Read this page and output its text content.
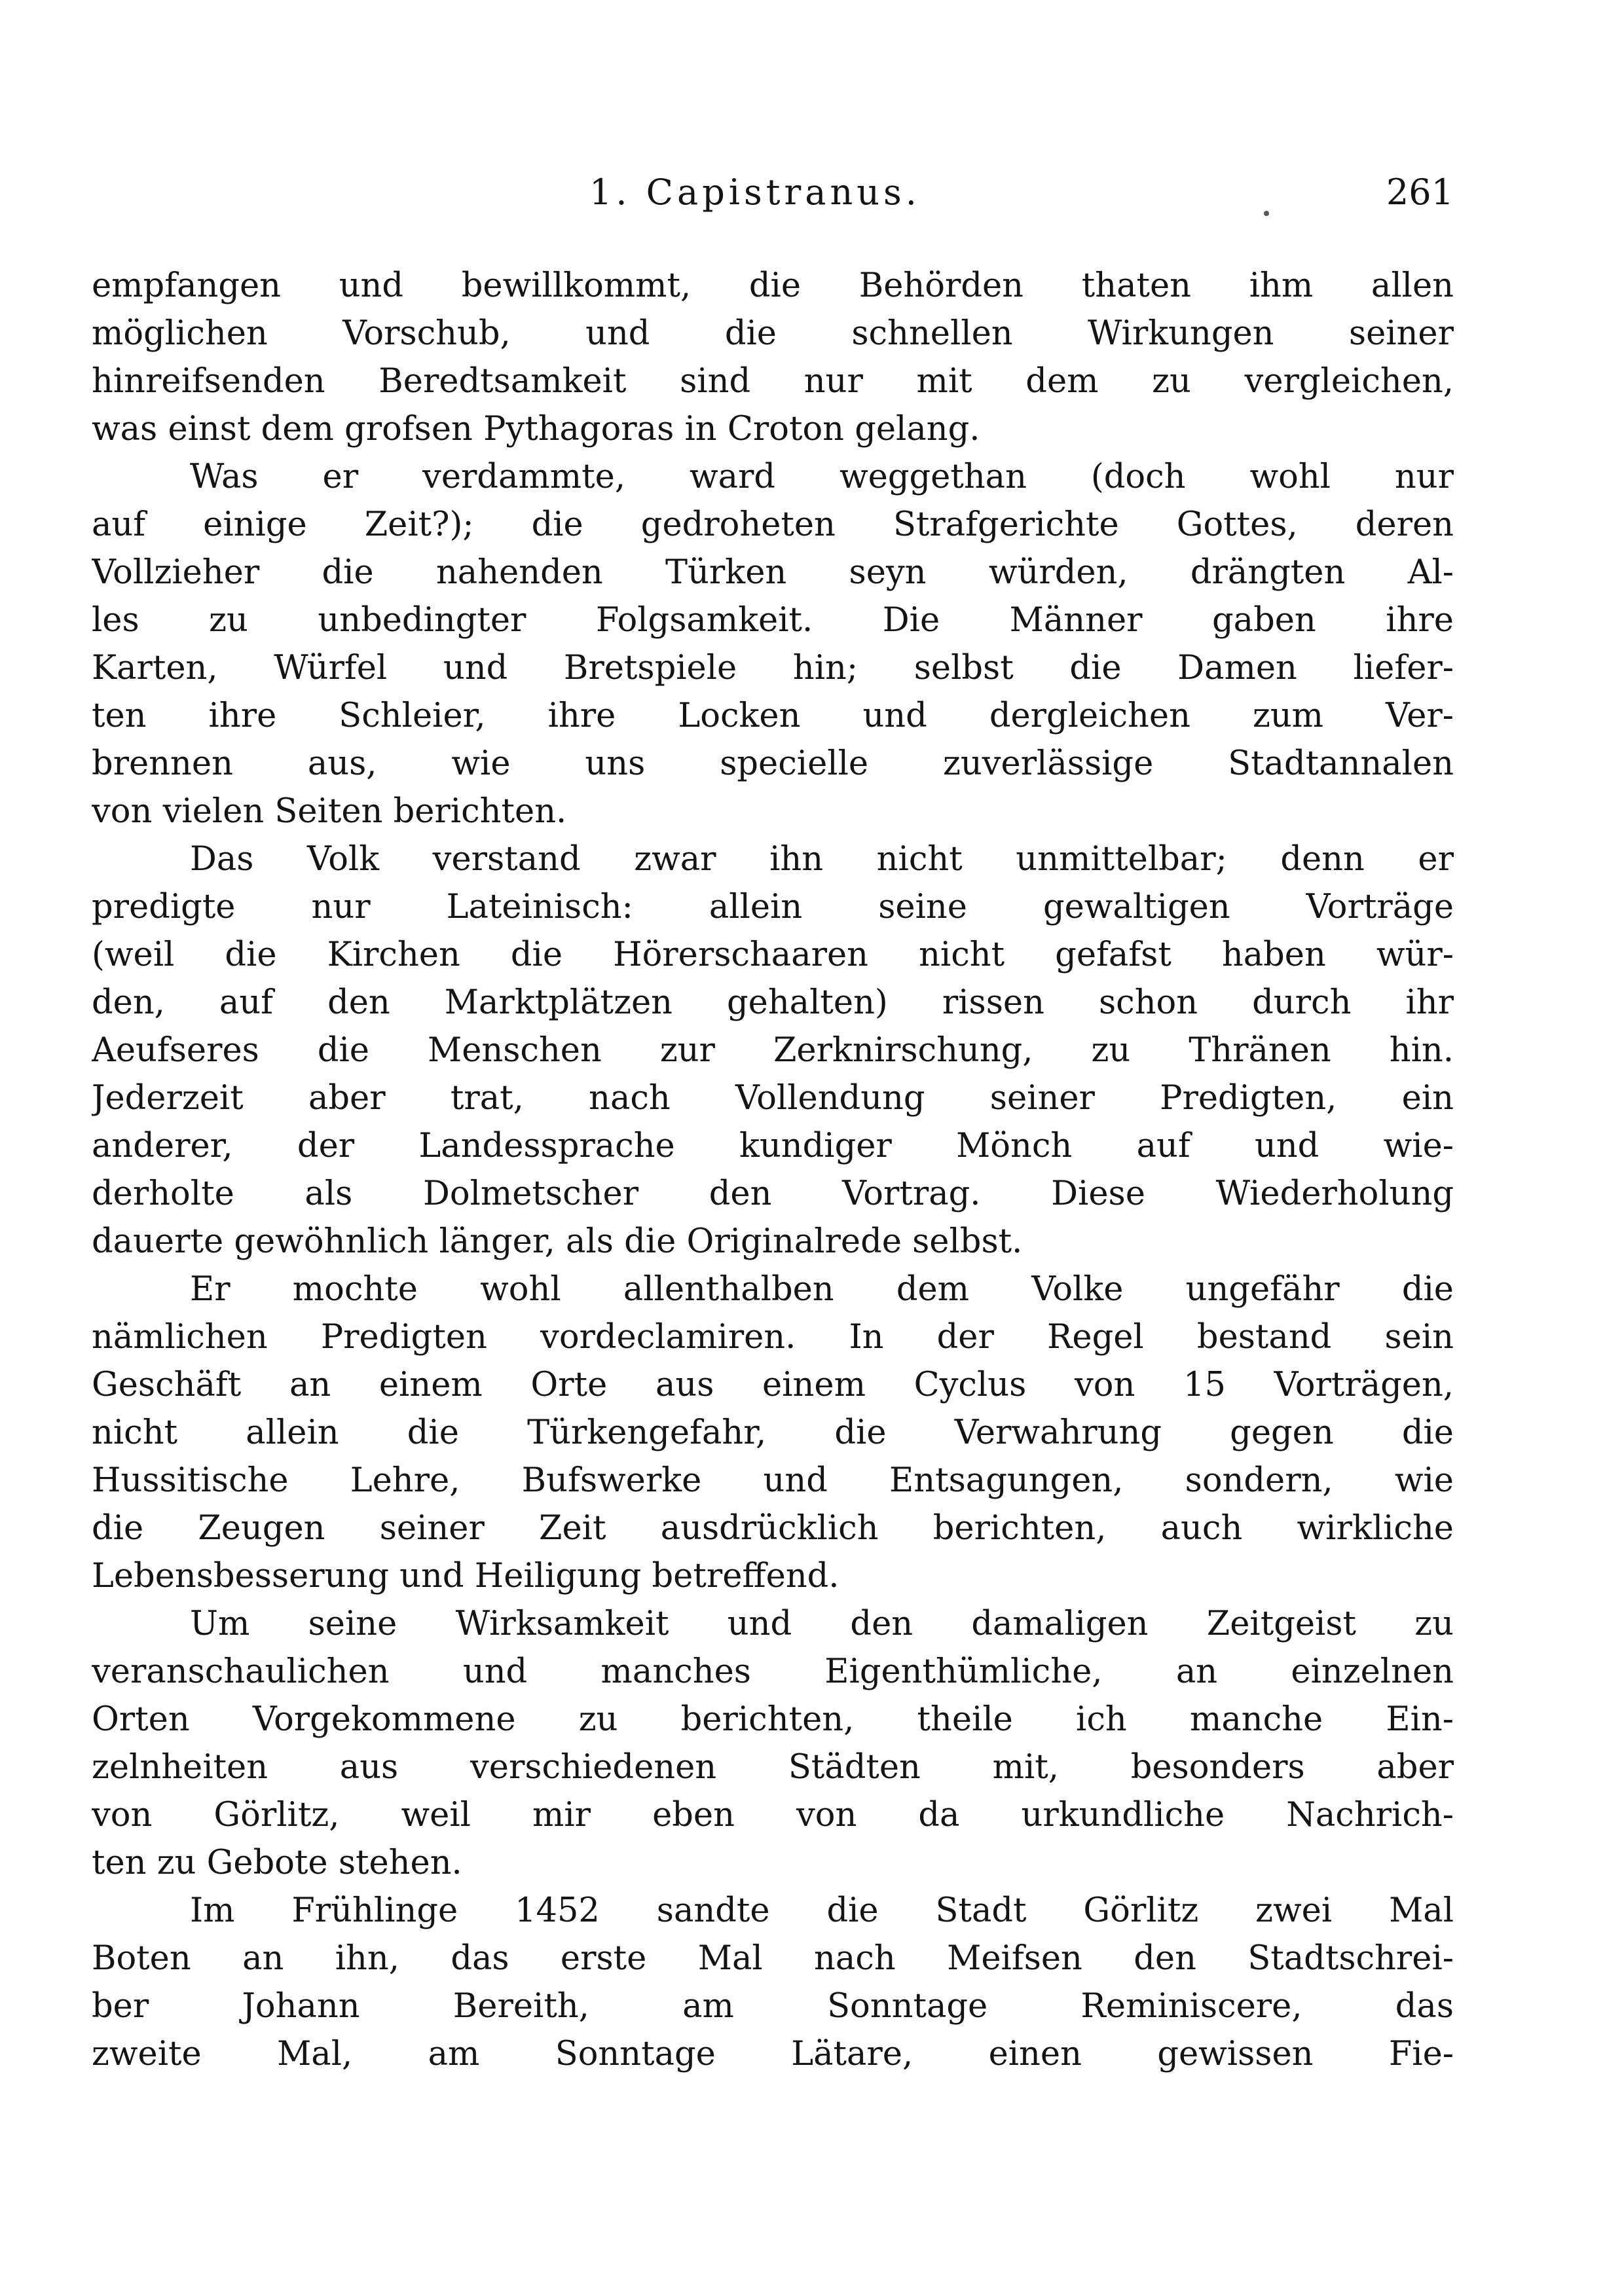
1. Capistranus.	261
empfangen und bewillkommt, die Behörden thaten ihm allen
möglichen Vorschub, und die schnellen Wirkungen seiner
hinreifsenden Beredtsamkeit sind nur mit dem zu vergleichen,
was einst dem grofsen Pythagoras in Croton gelang.
Was er verdammte, ward weggethan (doch wohl nur
auf einige Zeit?); die gedroheten Strafgerichte Gottes, deren
Vollzieher die nahenden Türken seyn würden, drängten Al-
les zu unbedingter Folgsamkeit. Die Männer gaben ihre
Karten, Würfel und Bretspiele hin; selbst die Damen liefer-
ten ihre Schleier, ihre Locken und dergleichen zum Ver-
brennen aus, wie uns specielle zuverlässige Stadtannalen
von vielen Seiten berichten.
Das Volk verstand zwar ihn nicht unmittelbar; denn er
predigte nur Lateinisch: allein seine gewaltigen Vorträge
(weil die Kirchen die Hörerschaaren nicht gefafst haben wür-
den, auf den Marktplätzen gehalten) rissen schon durch ihr
Aeufseres die Menschen zur Zerknirschung, zu Thränen hin.
Jederzeit aber trat, nach Vollendung seiner Predigten, ein
anderer, der Landessprache kundiger Mönch auf und wie-
derholte als Dolmetscher den Vortrag. Diese Wiederholung
dauerte gewöhnlich länger, als die Originalrede selbst.
Er mochte wohl allenthalben dem Volke ungefähr die
nämlichen Predigten vordeclamiren. In der Regel bestand sein
Geschäft an einem Orte aus einem Cyclus von 15 Vorträgen,
nicht allein die Türkengefahr, die Verwahrung gegen die
Hussitische Lehre, Bufswerke und Entsagungen, sondern, wie
die Zeugen seiner Zeit ausdrücklich berichten, auch wirkliche
Lebensbesserung und Heiligung betreffend.
Um seine Wirksamkeit und den damaligen Zeitgeist zu
veranschaulichen und manches Eigenthümliche, an einzelnen
Orten Vorgekommene zu berichten, theile ich manche Ein-
zelnheiten aus verschiedenen Städten mit, besonders aber
von Görlitz, weil mir eben von da urkundliche Nachrich-
ten zu Gebote stehen.
Im Frühlinge 1452 sandte die Stadt Görlitz zwei Mal
Boten an ihn, das erste Mal nach Meifsen den Stadtschrei-
ber Johann Bereith, am Sonntage Reminiscere, das
zweite Mal, am Sonntage Lätare, einen gewissen Fie-
